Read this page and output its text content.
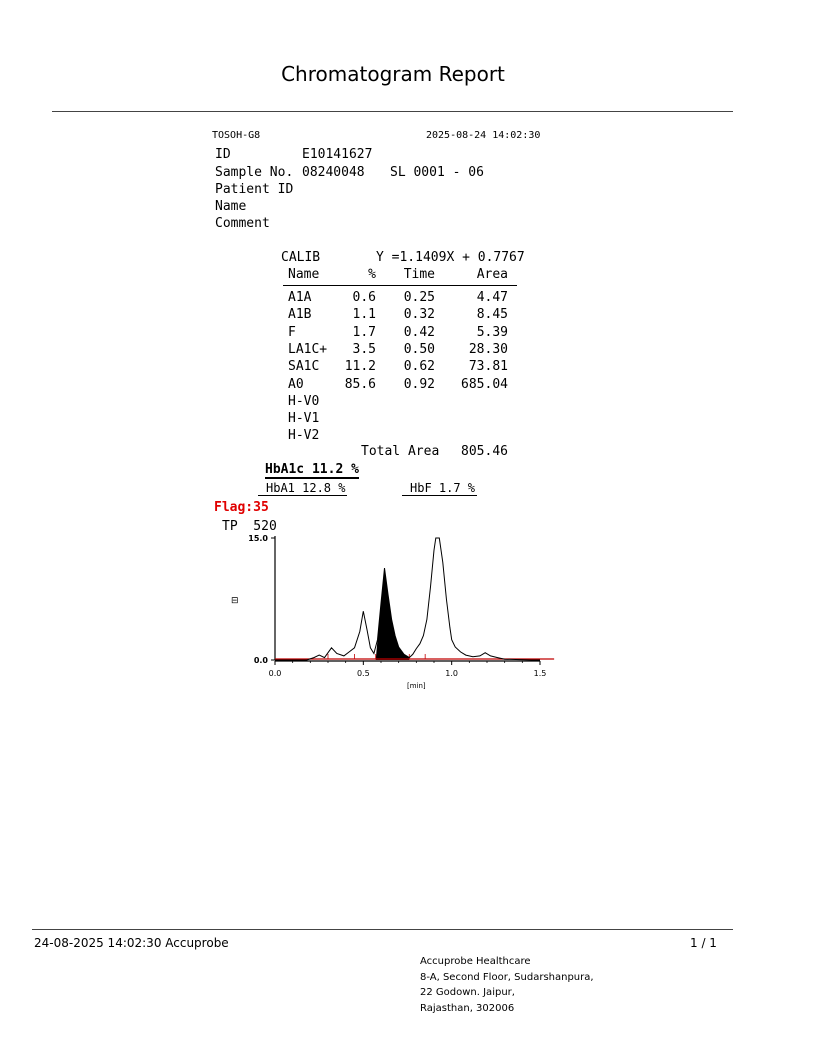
Chromatogram Report
TOSOH-G8	2025-08-24 14:02:30
ID	E10141627
Sample No. 08240048 SL 0001 - 06
Patient ID
Name
Comment
CALIB	Y =1.1409X + 0.7767
Name	%	Time	Area
A1A	0.6	0.25	4.47
A1B	1.1	0.32	8.45
F	1.7	0.42	5.39
LA1C+	3.5	0.50	28.30
SA1C	11.2	0.62	73.81
A0	85.6	0.92	685.04
H-V0
H-V1
H-V2
Total Area	805.46
HbA1c 11.2 %
HbA1 12.8 %	HbF 1.7 %
Flag:35
TP  520
0.0
15.0
0.0	0.5	1.0	1.5
[min]
⊟
24-08-2025 14:02:30 Accuprobe	1 / 1
Accuprobe Healthcare
8-A, Second Floor, Sudarshanpura,
22 Godown. Jaipur,
Rajasthan, 302006
